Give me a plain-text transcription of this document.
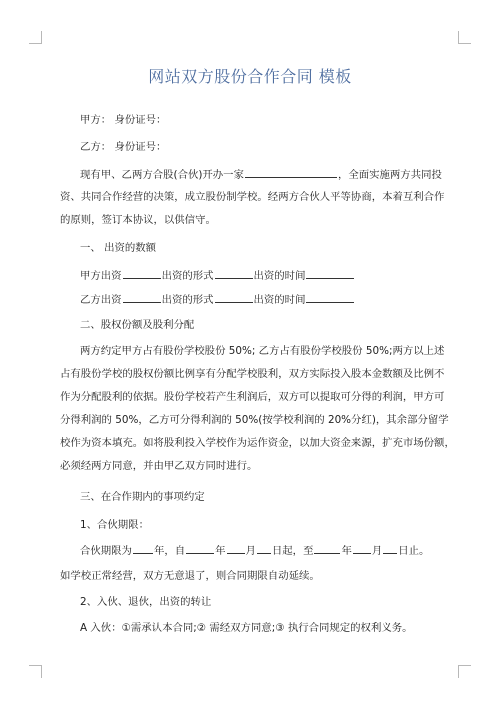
网站双方股份合作合同 模板
甲方： 身份证号：
乙方： 身份证号：
现有甲、乙两方合股(合伙)开办一家	，全面实施两方共同投
资、共同合作经营的决策，成立股份制学校。经两方合伙人平等协商，本着互利合作
的原则，签订本协议，以供信守。
一、 出资的数额
甲方出资	出资的形式	出资的时间
乙方出资	出资的形式	出资的时间
二、股权份额及股利分配
两方约定甲方占有股份学校股份 50%; 乙方占有股份学校股份 50%;两方以上述
占有股份学校的股权份额比例享有分配学校股利，双方实际投入股本金数额及比例不
作为分配股利的依据。股份学校若产生利润后，双方可以提取可分得的利润，甲方可
分得利润的 50%，乙方可分得利润的 50%(按学校利润的 20%分红)，其余部分留学
校作为资本填充。如将股利投入学校作为运作资金，以加大资金来源，扩充市场份额，
必须经两方同意，并由甲乙双方同时进行。
三、在合作期内的事项约定
1、合伙期限：
合伙期限为 年，自	年 月 日起，至	年 月 日止。
如学校正常经营，双方无意退了，则合同期限自动延续。
2、入伙、退伙，出资的转让
A 入伙：①需承认本合同;② 需经双方同意;③ 执行合同规定的权利义务。
